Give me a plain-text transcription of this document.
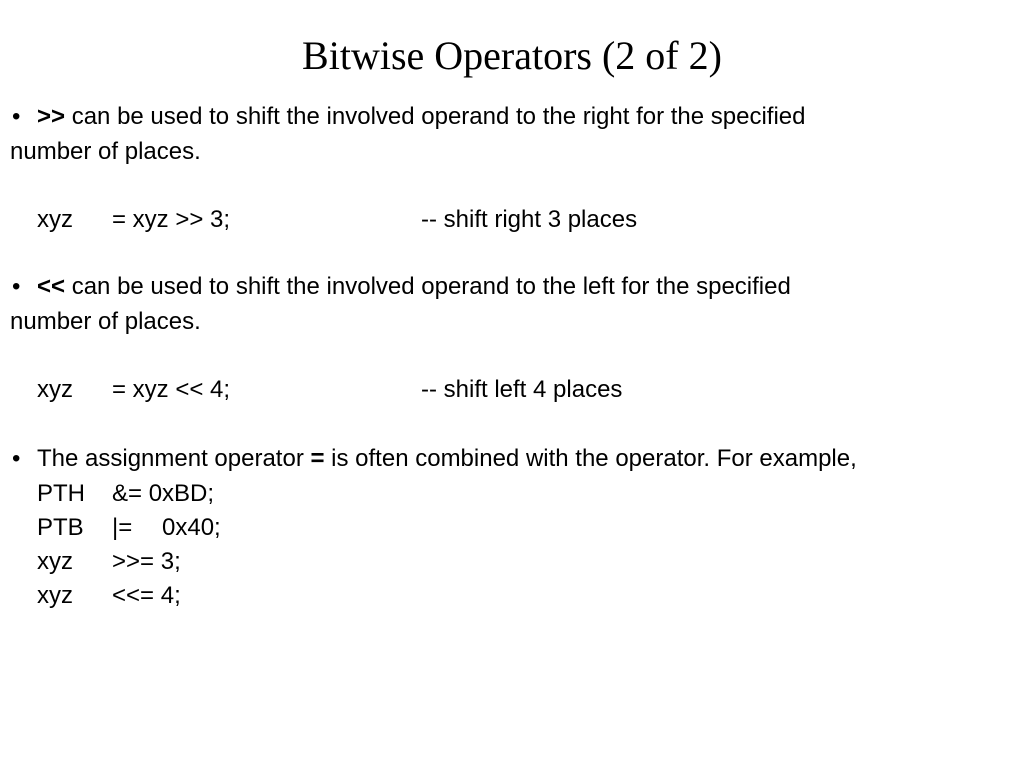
Bitwise Operators (2 of 2)
• >> can be used to shift the involved operand to the right for the specified
number of places.
xyz = xyz >> 3;	-- shift right 3 places
• << can be used to shift the involved operand to the left for the specified
number of places.
xyz = xyz << 4;	-- shift left 4 places
• The assignment operator = is often combined with the operator. For example,
PTH &= 0xBD;
PTB |= 0x40;
xyz >>= 3;
xyz <<= 4;
